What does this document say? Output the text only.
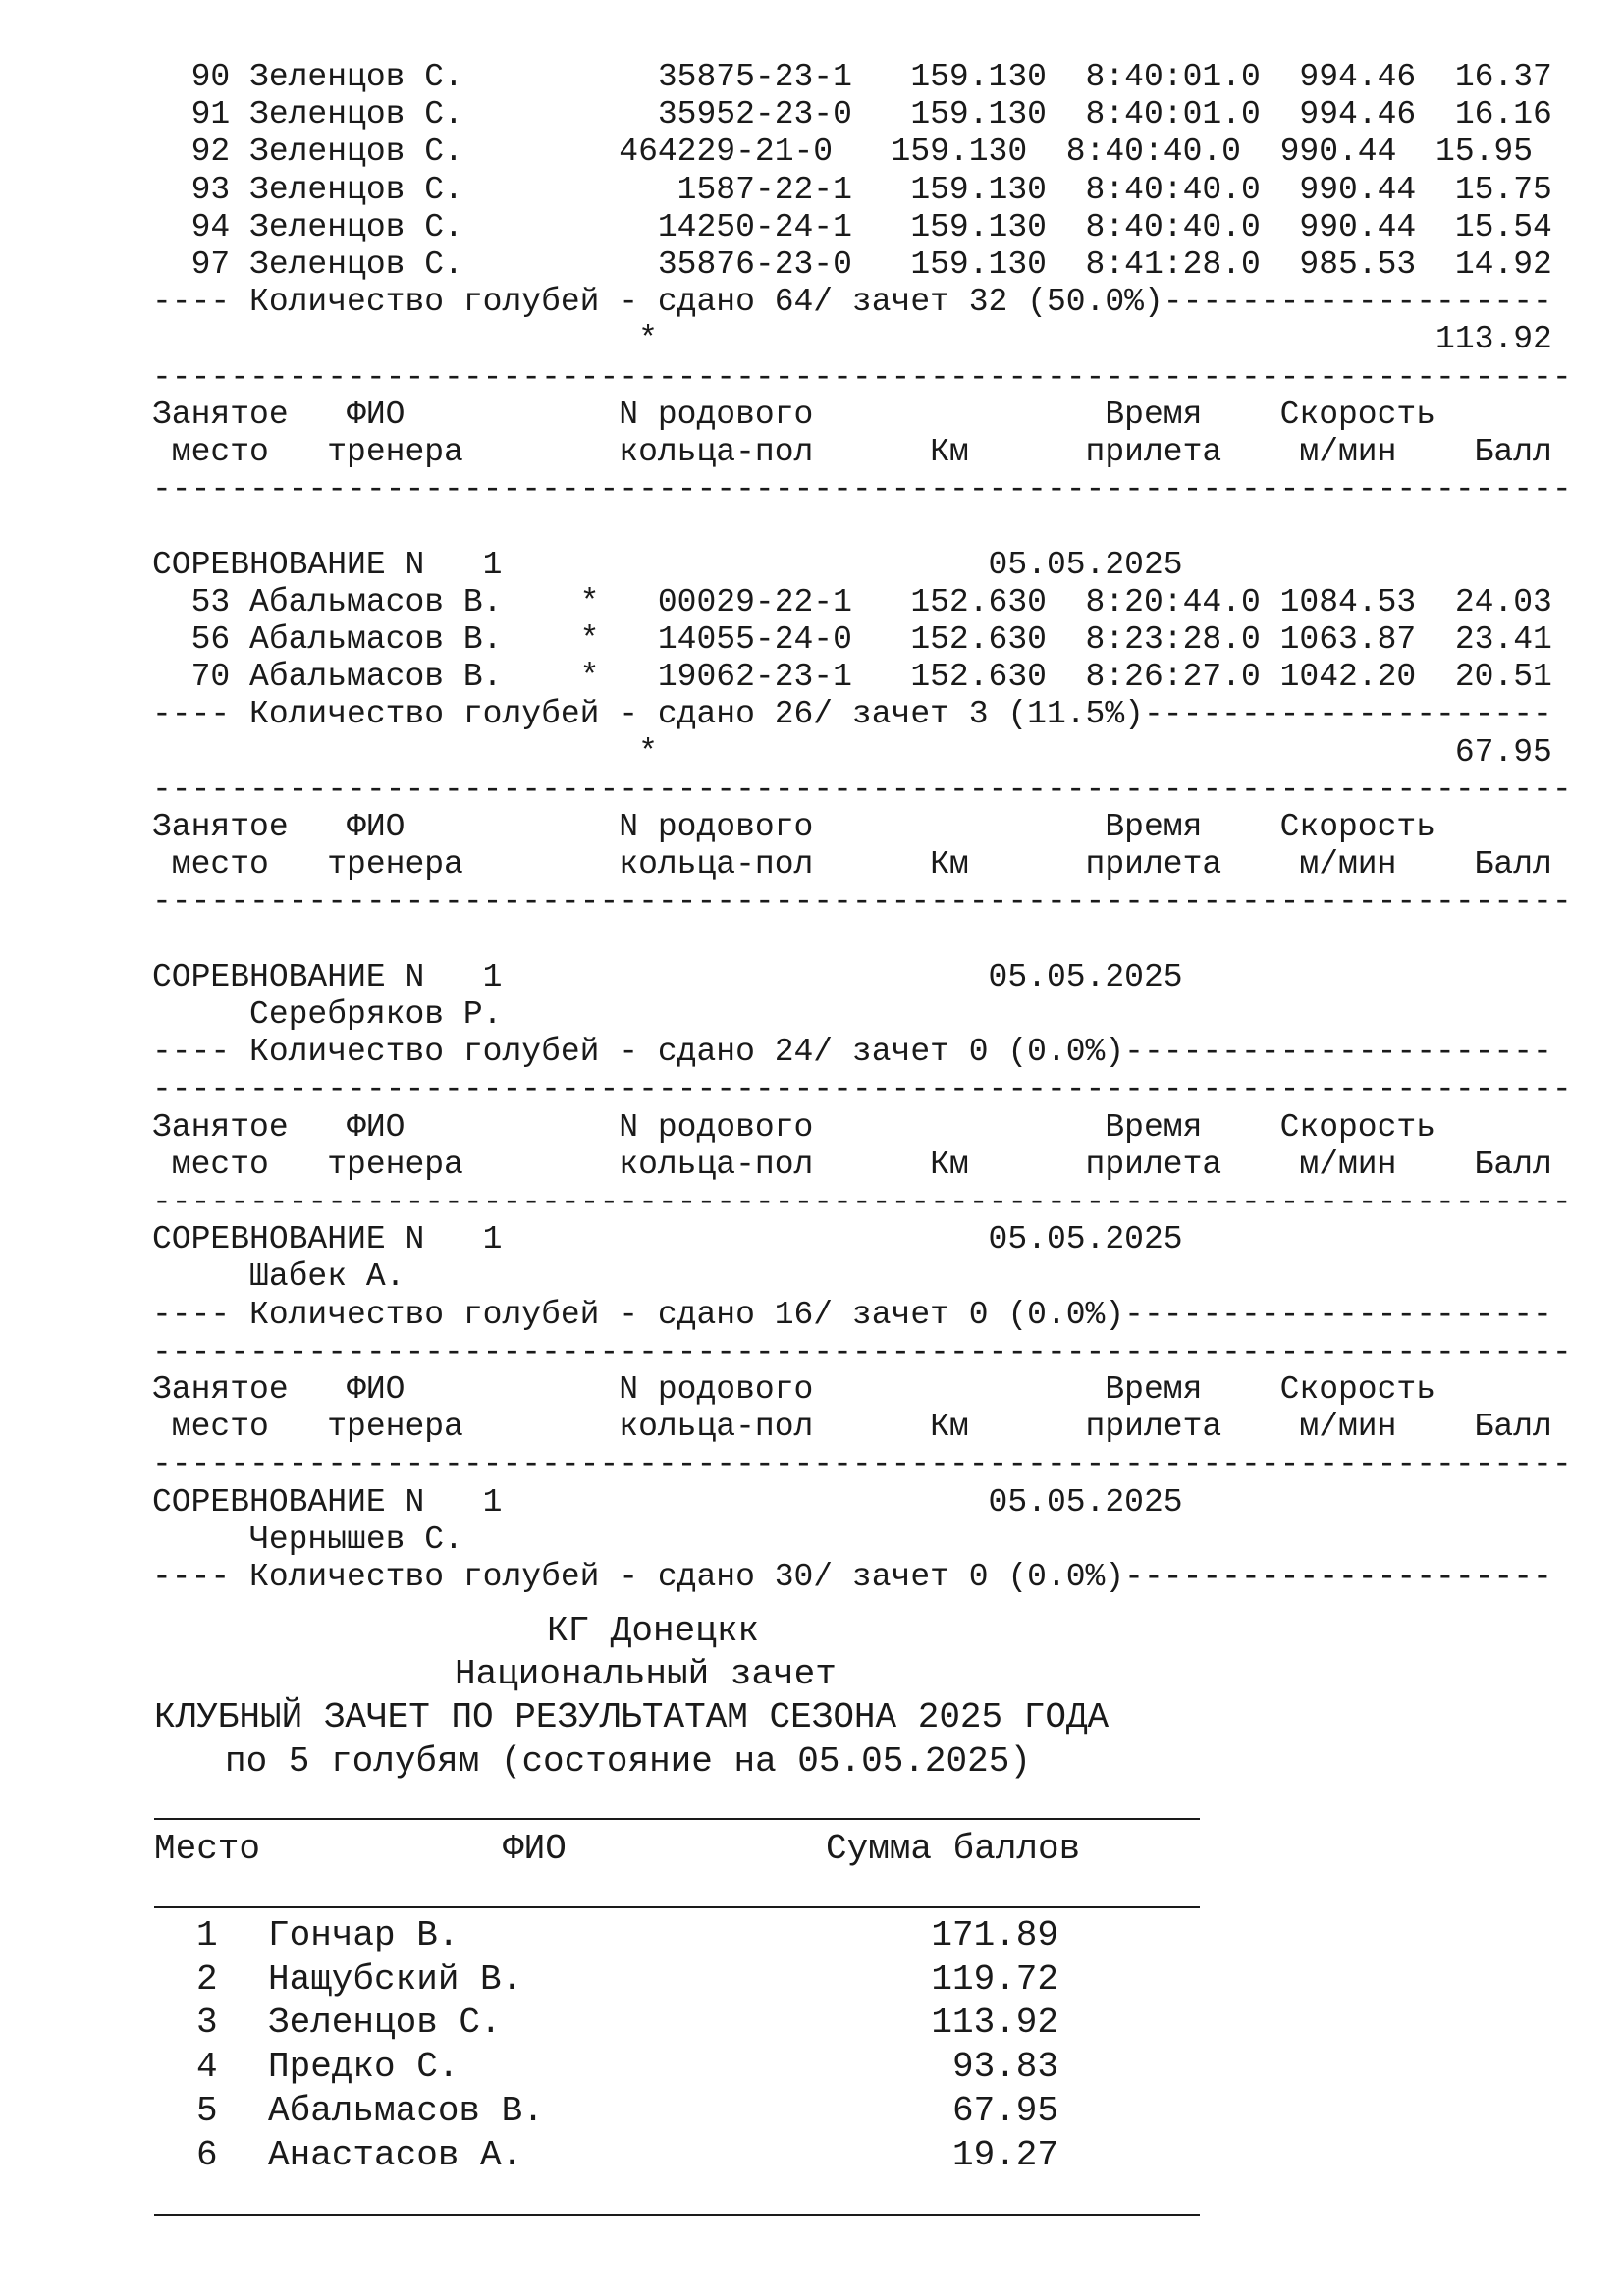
90 Зеленцов С.          35875-23-1   159.130  8:40:01.0  994.46  16.37
91 Зеленцов С.          35952-23-0   159.130  8:40:01.0  994.46  16.16
92 Зеленцов С.        464229-21-0   159.130  8:40:40.0  990.44  15.95
93 Зеленцов С.           1587-22-1   159.130  8:40:40.0  990.44  15.75
94 Зеленцов С.          14250-24-1   159.130  8:40:40.0  990.44  15.54
97 Зеленцов С.          35876-23-0   159.130  8:41:28.0  985.53  14.92
---- Количество голубей - сдано 64/ зачет 32 (50.0%)--------------------
*                                        113.92
-------------------------------------------------------------------------
Занятое   ФИО           N родового               Время    Скорость
место   тренера        кольца-пол      Км      прилета    м/мин    Балл
-------------------------------------------------------------------------
СОРЕВНОВАНИЕ N   1                         05.05.2025
53 Абальмасов В.    *   00029-22-1   152.630  8:20:44.0 1084.53  24.03
56 Абальмасов В.    *   14055-24-0   152.630  8:23:28.0 1063.87  23.41
70 Абальмасов В.    *   19062-23-1   152.630  8:26:27.0 1042.20  20.51
---- Количество голубей - сдано 26/ зачет 3 (11.5%)---------------------
*                                         67.95
-------------------------------------------------------------------------
Занятое   ФИО           N родового               Время    Скорость
место   тренера        кольца-пол      Км      прилета    м/мин    Балл
-------------------------------------------------------------------------
СОРЕВНОВАНИЕ N   1                         05.05.2025
Серебряков Р.
---- Количество голубей - сдано 24/ зачет 0 (0.0%)----------------------
-------------------------------------------------------------------------
Занятое   ФИО           N родового               Время    Скорость
место   тренера        кольца-пол      Км      прилета    м/мин    Балл
-------------------------------------------------------------------------
СОРЕВНОВАНИЕ N   1                         05.05.2025
Шабек А.
---- Количество голубей - сдано 16/ зачет 0 (0.0%)----------------------
-------------------------------------------------------------------------
Занятое   ФИО           N родового               Время    Скорость
место   тренера        кольца-пол      Км      прилета    м/мин    Балл
-------------------------------------------------------------------------
СОРЕВНОВАНИЕ N   1                         05.05.2025
Чернышев С.
---- Количество голубей - сдано 30/ зачет 0 (0.0%)----------------------
КГ Донецкк
Национальный зачет
КЛУБНЫЙ ЗАЧЕТ ПО РЕЗУЛЬТАТАМ СЕЗОНА 2025 ГОДА
по 5 голубям (состояние на 05.05.2025)
Место	ФИО	Сумма баллов
1 Гончар В.	171.89
2 Нащубский В.	119.72
3 Зеленцов С.	113.92
4 Предко С.	93.83
5 Абальмасов В.	67.95
6 Анастасов А.	19.27
